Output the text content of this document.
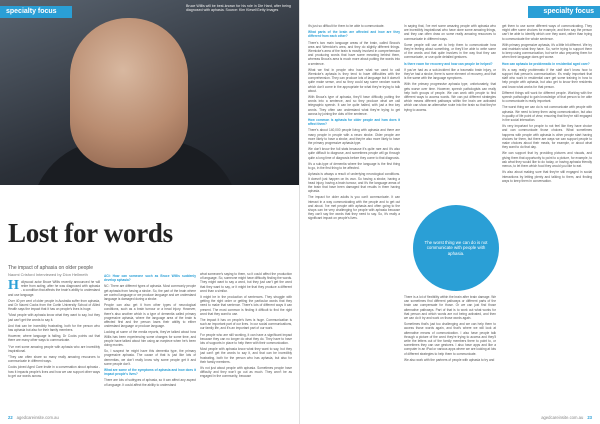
Bruce Willis will be best-known for his role in Die Hard, after being diagnosed with aphasia. Source: Kim Kiesel/Getty Images
specialty focus
Lost for words
The impact of aphasia on older people
Naomi Crisford Interviewed by Dion Hellmeth

Hollywood actor Bruce Willis recently announced he will retire from acting, after he was diagnosed with aphasia - a condition that affects the brain's ability to understand and use language.

Over 40 per cent of older people in Australia suffer from aphasia, and Dr Naomi Cocks from the Curtin University School of Allied Health says the impact that it has on people's lives is huge.

"Most people with aphasia know what they want to say, but they just can't get the words to say it.

And that can be incredibly frustrating, both for the person who has aphasia but also for their family members.

However, where language is failing, Dr Cocks points out that there are many other ways to communicate.

"I've met some amazing people with aphasia who are incredibly inspirational.

"They can often share so many really amazing resources to communicate in different ways.

Cocks joined Aged Care Insite in a conversation about aphasia - how it impacts people's lives and how we can support other ways to get our words across.

ACI: How can someone such as Bruce Willis suddenly develop aphasia?

NC: There are different types of aphasia. Most commonly people get aphasia from having a stroke. So, the part of the brain where we control language or we produce language and we understand language is damaged during a stroke.

People can also get it from other types of neurological conditions, such as a brain tumour or a head injury. However, there's also another which is a type of dementia called primary progressive aphasia, where the language area of the brain is affected first and the person loses their ability to either understand language or produce language.

Looking at some of the media reports, they've talked about how Willis has been experiencing some changes for some time, and people have talked about him using an earpiece when he's been doing movies.

So, I suspect he might have this dementia type, the primary progressive aphasia. The cause of that is just like lots of dementias, we don't really know why some people get it and some people don't.

What are some of the symptoms of aphasia and how does it impact people's lives?

There are lots of subtypes of aphasia, so it can affect any aspect of language. It could affect the ability to understand

what someone's saying to them, so it could affect the production of language. So, someone might have difficulty finding the words. They might want to say a word, but they just can't get the word that they want to say, or it might be that they produce a different word than a similar.

It might be in the production of sentences. They struggle with getting the right order or getting the particular words that they need to make that sentence. There's lots of different ways it can present. The most common is finding it difficult to find the right word that they want to use.

The impact it has on people's lives is huge. Communication is such an important part of our lives. In our social communications, our family life, and it's an important part of our work.

For people who are still working, it can have a significant impact because they can no longer do what they do. They have to have lots of supports in place to help them with their communication.

Most people with aphasia know what they want to say, but they just can't get the words to say it, and that can be incredibly frustrating, both for the person who has aphasia, but also for their family members.

It's not just about people with aphasia. Sometimes people have difficulty and they won't go out as much. They won't be as engaged in the community, because

22 agedcareinsite.com.au
specialty focus

it's just so difficult for them to be able to communicate.

What parts of the brain are affected and how are they different from each other?

There's two main language areas of the brain, called Broca's area and Wernicke's area, and they do slightly different things. Wernicke's area of the brain is mostly involved in comprehension and producing words that have some meaning behind them, whereas Broca's area is much more about putting the words into a sentence.

What we find in people who have what we used to call Wernicke's aphasia is they tend to have difficulties with the comprehension. They can produce lots of language but it doesn't quite make sense, and so they could say some random words which don't come in the appropriate for what they're trying to talk about.

With Broca's type of aphasia, they'll have difficulty putting the words into a sentence, and so they produce what we call telegraphic speech. It can be quite halted, with just a few key words. They often can understand what they're trying to get across by joining the dots of the sentence.

How common is aphasia for older people and how does it affect them?

There's about 140,000 people living with aphasia and there are many people in people with a neuro stroke. Older people are more likely to have a stroke, and they're also more likely to have the primary progressive aphasia type.

We don't know the full stats because it's quite rare and it's also quite difficult to diagnose, and sometimes people will go through quite a long time of diagnosis before they come to that diagnosis.

It's a sub-type of dementia where the language is the first thing to go, in the first thing to be affected.

Aphasia is always a result of underlying neurological conditions. It doesn't just happen on its own. So having a stroke, having a head injury, having a brain tumour, and it's the language areas of the brain that have been damaged that results in them having aphasia.

The impact for older adults is you can't communicate. It can interact in a way communicating with the people and to get out and about. I've met people with aphasia and often going to the shops can be very challenging for people with aphasia because they can't say the words that they need to say. So, it's really a significant impact on people's lives.

In saying that, I've met some amazing people with aphasia who are incredibly inspirational who have done some amazing things, and they can often draw on some really amazing resources to communicate in different ways.

Some people will use art to help them to communicate how they're feeling about something, or they'll be able to write some of the words and that quite involves in the way that they can communicate, or use quite detailed gestures.

Is there room for recovery and how can people be helped?

If you've had as a sub-incident like a traumatic brain injury, or they've had a stroke, there is some element of recovery, and that is the same with the language symptoms.

With the primary progressive aphasia type, unfortunately, that gets worse over time. However, speech pathologists can really help both groups of people. We can work with people to find different ways to access words. We can put different strategies which means different pathways within the brain are activated which can show an alternative route into the brain so that they're trying to access.

The worst thing we can do is not communicate with people with aphasia.

There is a lot of flexibility within the brain after brain damage. We can sometimes find different pathways or different parts of the brain can compensate for those. Or we can just find those alternative pathways. Part of that is to work out what works for that person and which words are not being activated, and then we can do it try and work on those words again.

Sometimes that's just too challenging and we can help them to access those words again, and that's where we will look at alternative means of communication. I also have people talk through a picture of the word they're trying to access and they'll write the letters out of the family members there to point to, or sometimes they can use gestures. I also have apps and like a computer in an iPad or various apps where we are looking at lots of different strategies to help them to communicate.

We also work with the partners of people with aphasia to try and

get them to use some different ways of communicating. They might offer some choices for example, and then say the person can't be able to identify which one they want, rather than trying to communicate the whole sentence.

With primary progressive aphasia, it's a little bit different. We try and maintain what they have. So, we're trying to support them to keep using communication, but we're also preparing them for when their language does get worse.

How can aphasia be problematic in residential aged care?

It's a way really problematic if the staff don't know how to support that person's communication. It's really important that staff who work in residential care get some training in how to help people with aphasia, but also get to know their residents and know what works for that person.

Different things will work for different people. Working with the speech pathologist to gain knowledge of that person to be able to communicate is really important.

The worst thing we can do is not communicate with people with aphasia. We need to keep them using communication, but also in quality of life point of view, ensuring that they're still engaged in the social interaction.

It's very important for people to not feel like they have choice and can communicate those choices. What sometimes happens with people with aphasia is other people start having choices for them, but there are ways we can support people to make choices about their meals, for example, or about what they want to do that day.

We can support that by providing pictures and visuals, and giving them that opportunity to point to a picture, for example, to ask what they would like to do today, or having aphasia friendly menus, to let them which food they would you like to eat.

It's also about making sure that they're still engaged in social interactions by letting plenty and talking to them, and finding ways to keep them in conversation.

agedcareinsite.com.au 23
